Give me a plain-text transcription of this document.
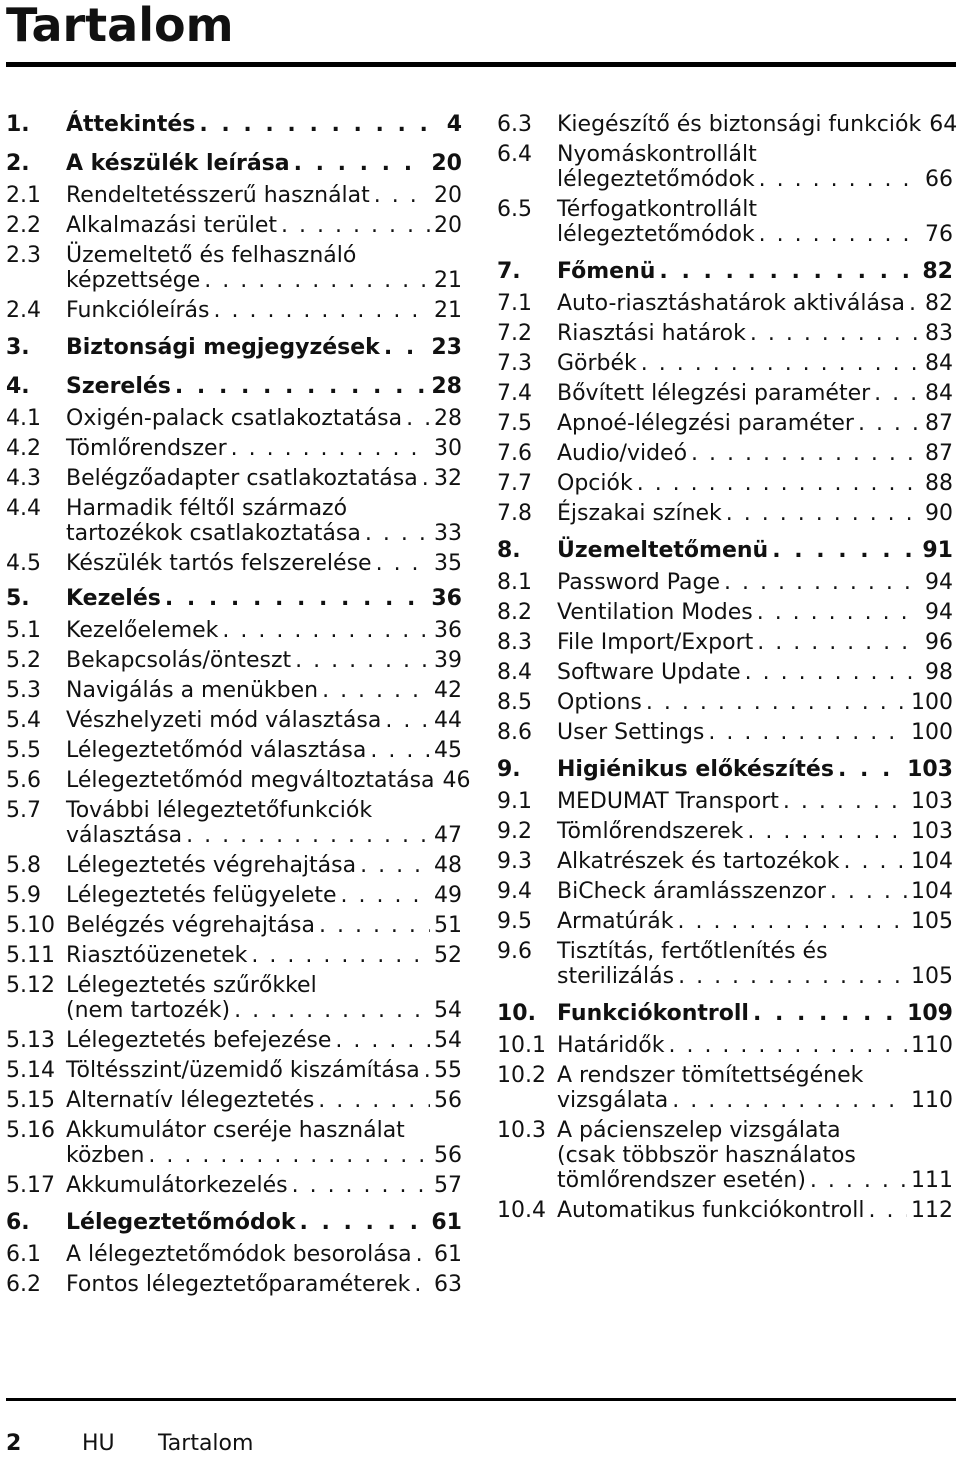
Tartalom
1.	Áttekintés . . .	4
2.	A készülék leírása . . .	20
2.1	Rendeltetésszerű használat . . .	20
2.2	Alkalmazási terület . . .	20
2.3	Üzemeltető és felhasználó
képzettsége . . .	21
2.4	Funkcióleírás . . .	21
3.	Biztonsági megjegyzések . . . 23
4.	Szerelés . . .	28
4.1	Oxigén-palack csatlakoztatása . . . 28
4.2	Tömlőrendszer . . .	30
4.3	Belégzőadapter csatlakoztatása . . . 32
4.4	Harmadik féltől származó
tartozékok csatlakoztatása . . .	33
4.5	Készülék tartós felszerelése . . .	35
5.	Kezelés . . .	36
5.1	Kezelőelemek . . .	36
5.2	Bekapcsolás/önteszt . . .	39
5.3	Navigálás a menükben . . .	42
5.4	Vészhelyzeti mód választása . . . 44
5.5	Lélegeztetőmód választása . . .	45
5.6	Lélegeztetőmód megváltoztatása 46
5.7	További lélegeztetőfunkciók
választása . . .	47
5.8	Lélegeztetés végrehajtása . . .	48
5.9	Lélegeztetés felügyelete . . .	49
5.10 Belégzés végrehajtása . . .	51
5.11 Riasztóüzenetek . . .	52
5.12 Lélegeztetés szűrőkkel
(nem tartozék) . . .	54
5.13 Lélegeztetés befejezése . . .	54
5.14 Töltésszint/üzemidő kiszámítása . . . 55
5.15 Alternatív lélegeztetés . . .	56
5.16 Akkumulátor cseréje használat
közben . . .	56
5.17 Akkumulátorkezelés . . .	57
6.	Lélegeztetőmódok . . .	61
6.1	A lélegeztetőmódok besorolása . . . 61
6.2	Fontos lélegeztetőparaméterek . . . 63
6.3	Kiegészítő és biztonsági funkciók 64
6.4	Nyomáskontrollált
lélegeztetőmódok . . .	66
6.5	Térfogatkontrollált
lélegeztetőmódok . . .	76
7.	Főmenü . . .	82
7.1	Auto-riasztáshatárok aktiválása . . . 82
7.2	Riasztási határok . . .	83
7.3	Görbék . . .	84
7.4	Bővített lélegzési paraméter . . . 84
7.5	Apnoé-lélegzési paraméter . . .	87
7.6	Audio/videó . . .	87
7.7	Opciók . . .	88
7.8	Éjszakai színek . . .	90
8.	Üzemeltetőmenü . . .	91
8.1	Password Page . . .	94
8.2	Ventilation Modes . . .	94
8.3	File Import/Export . . .	96
8.4	Software Update . . .	98
8.5	Options . . .	100
8.6	User Settings . . .	100
9.	Higiénikus előkészítés . . .	103
9.1	MEDUMAT Transport . . .	103
9.2	Tömlőrendszerek . . .	103
9.3	Alkatrészek és tartozékok . . .	104
9.4	BiCheck áramlásszenzor . . .	104
9.5	Armatúrák . . .	105
9.6	Tisztítás, fertőtlenítés és
sterilizálás . . .	105
10. Funkciókontroll . . .	109
10.1 Határidők . . .	110
10.2 A rendszer tömítettségének
vizsgálata . . .	110
10.3 A pácienszelep vizsgálata
(csak többször használatos
tömlőrendszer esetén) . . .	111
10.4 Automatikus funkciókontroll . . . 112
2	HU	Tartalom
